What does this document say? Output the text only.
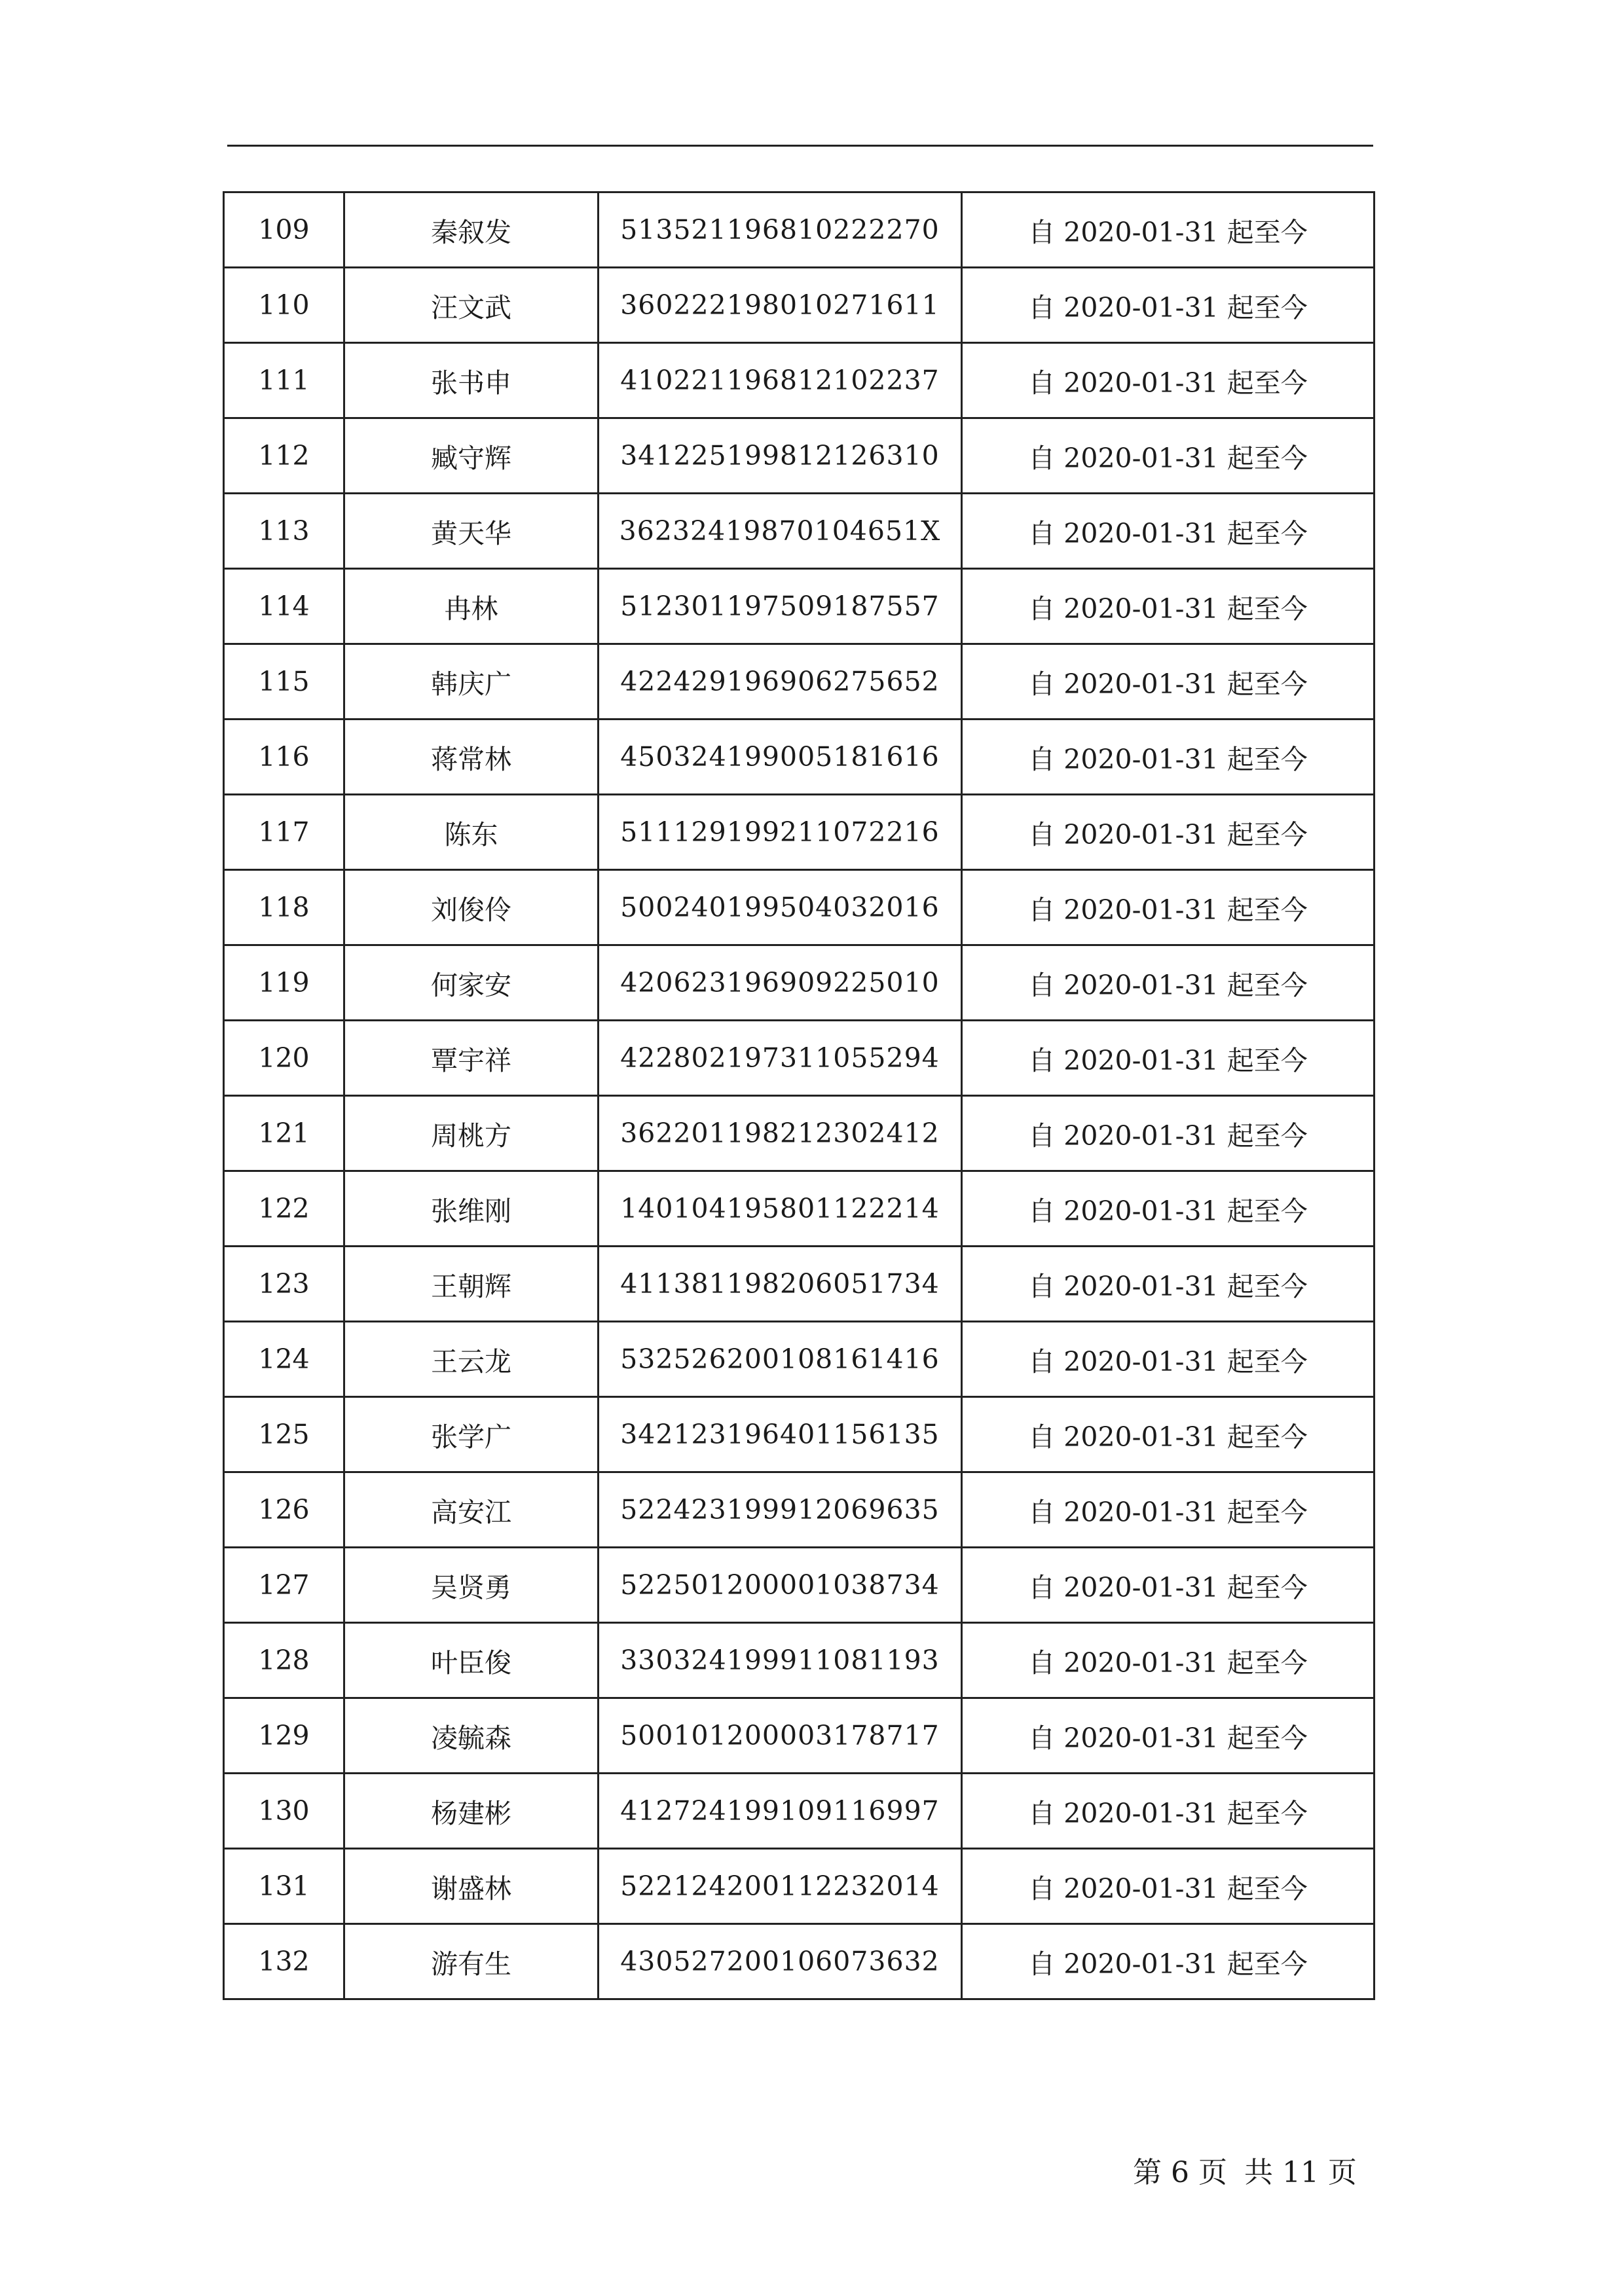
109	秦叙发	513521196810222270	自 2020-01-31 起至今
110	汪文武	360222198010271611	自 2020-01-31 起至今
111	张书申	410221196812102237	自 2020-01-31 起至今
112	臧守辉	341225199812126310	自 2020-01-31 起至今
113	黄天华	36232419870104651X	自 2020-01-31 起至今
114	冉林	512301197509187557	自 2020-01-31 起至今
115	韩庆广	422429196906275652	自 2020-01-31 起至今
116	蒋常林	450324199005181616	自 2020-01-31 起至今
117	陈东	511129199211072216	自 2020-01-31 起至今
118	刘俊伶	500240199504032016	自 2020-01-31 起至今
119	何家安	420623196909225010	自 2020-01-31 起至今
120	覃宇祥	422802197311055294	自 2020-01-31 起至今
121	周桃方	362201198212302412	自 2020-01-31 起至今
122	张维刚	140104195801122214	自 2020-01-31 起至今
123	王朝辉	411381198206051734	自 2020-01-31 起至今
124	王云龙	532526200108161416	自 2020-01-31 起至今
125	张学广	342123196401156135	自 2020-01-31 起至今
126	高安江	522423199912069635	自 2020-01-31 起至今
127	吴贤勇	522501200001038734	自 2020-01-31 起至今
128	叶臣俊	330324199911081193	自 2020-01-31 起至今
129	凌毓森	500101200003178717	自 2020-01-31 起至今
130	杨建彬	412724199109116997	自 2020-01-31 起至今
131	谢盛林	522124200112232014	自 2020-01-31 起至今
132	游有生	430527200106073632	自 2020-01-31 起至今
第 6 页 共 11 页
